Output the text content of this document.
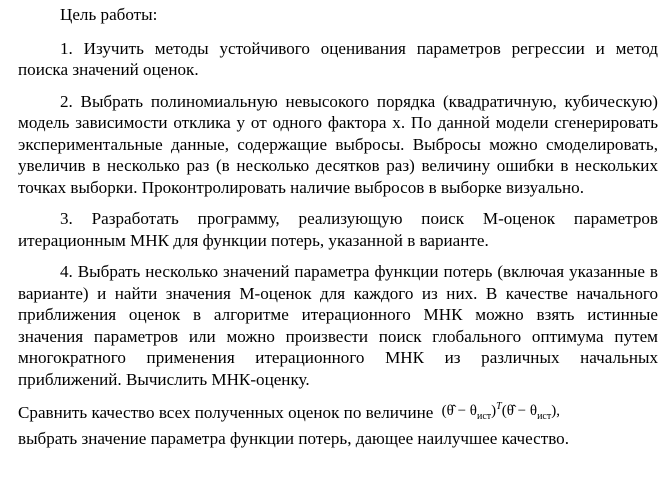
Цель работы:

1. Изучить методы устойчивого оценивания параметров регрессии и метод поиска значений оценок.

2. Выбрать полиномиальную невысокого порядка (квадратичную, кубическую) модель зависимости отклика y от одного фактора x. По данной модели сгенерировать экспериментальные данные, содержащие выбросы. Выбросы можно смоделировать, увеличив в несколько раз (в несколько десятков раз) величину ошибки в нескольких точках выборки. Проконтролировать наличие выбросов в выборке визуально.

3. Разработать программу, реализующую поиск М-оценок параметров итерационным МНК для функции потерь, указанной в варианте.

4. Выбрать несколько значений параметра функции потерь (включая указанные в варианте) и найти значения М-оценок для каждого из них. В качестве начального приближения оценок в алгоритме итерационного МНК можно взять истинные значения параметров или можно произвести поиск глобального оптимума путем многократного применения итерационного МНК из различных начальных приближений. Вычислить МНК-оценку.

Сравнить качество всех полученных оценок по величине (θ̂ − $\theta_{ист})^T(\thetâ - \theta_{ист})$,
выбрать значение параметра функции потерь, дающее наилучшее качество.
